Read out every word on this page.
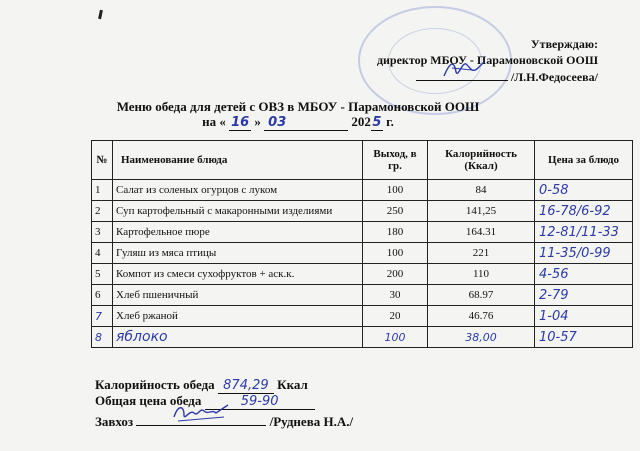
Утверждаю:
директор МБОУ - Парамоновской ООШ
/Л.Н.Федосеева/
Меню обеда для детей с ОВЗ в МБОУ - Парамоновской ООШ
на « 16 » 03	2025 г.
№	Наименование блюда	Выход, в гр.	Калорийность (Ккал)	Цена за блюдо
1	Салат из соленых огурцов с луком	100	84	0-58
2	Суп картофельный с макаронными изделиями	250	141,25	16-78/6-92
3	Картофельное пюре	180	164.31	12-81/11-33
4	Гуляш из мяса птицы	100	221	11-35/0-99
5	Компот из смеси сухофруктов + аск.к.	200	110	4-56
6	Хлеб пшеничный	30	68.97	2-79
7	Хлеб ржаной	20	46.76	1-04
8	яблоко	100	38,00	10-57
Калорийность обеда 874,29 Ккал
Общая цена обеда	59-90
Завхоз	/Руднева Н.А./
